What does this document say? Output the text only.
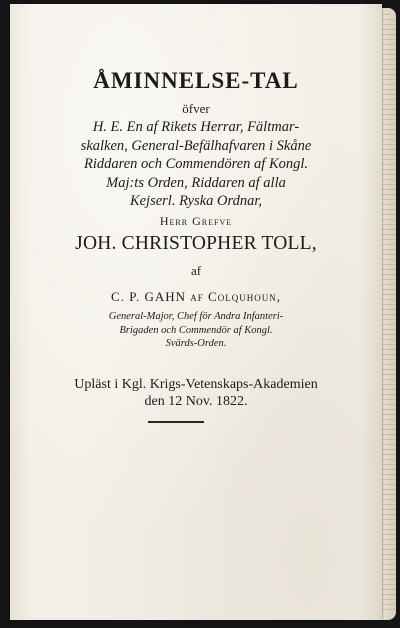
ÅMINNELSE-TAL
öfver
H. E. En af Rikets Herrar, Fältmar-
skalken, General-Befälhafvaren i Skåne
Riddaren och Commendören af Kongl.
Maj:ts Orden, Riddaren af alla
Kejserl. Ryska Ordnar,
Herr Grefve
JOH. CHRISTOPHER TOLL,
af
C. P. GAHN af Colquhoun,
General-Major, Chef för Andra Infanteri-
Brigaden och Commendör af Kongl.
Svärds-Orden.
Upläst i Kgl. Krigs-Vetenskaps-Akademien
den 12 Nov. 1822.
